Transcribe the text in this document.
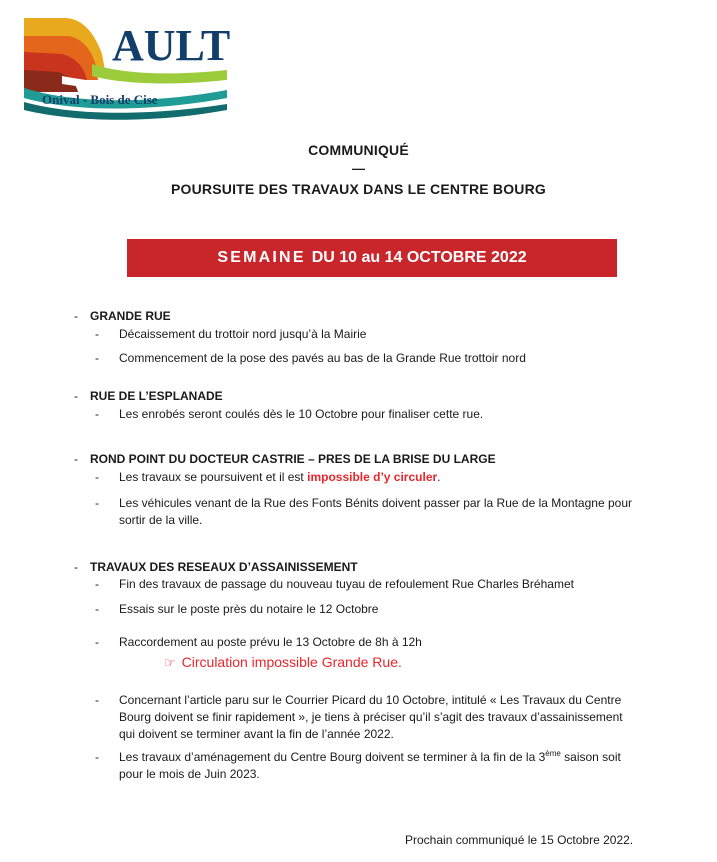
AULT
Onival - Bois de Cise
COMMUNIQUÉ
—
POURSUITE DES TRAVAUX DANS LE CENTRE BOURG
SEMAINE DU 10 au 14 OCTOBRE 2022
- GRANDE RUE
- Décaissement du trottoir nord jusqu’à la Mairie
- Commencement de la pose des pavés au bas de la Grande Rue trottoir nord
- RUE DE L’ESPLANADE
- Les enrobés seront coulés dès le 10 Octobre pour finaliser cette rue.
- ROND POINT DU DOCTEUR CASTRIE – PRES DE LA BRISE DU LARGE
- Les travaux se poursuivent et il est impossible d’y circuler.
- Les véhicules venant de la Rue des Fonts Bénits doivent passer par la Rue de la Montagne pour sortir de la ville.
- TRAVAUX DES RESEAUX D’ASSAINISSEMENT
- Fin des travaux de passage du nouveau tuyau de refoulement Rue Charles Bréhamet
- Essais sur le poste près du notaire le 12 Octobre
- Raccordement au poste prévu le 13 Octobre de 8h à 12h
☞ Circulation impossible Grande Rue.
- Concernant l’article paru sur le Courrier Picard du 10 Octobre, intitulé « Les Travaux du Centre Bourg doivent se finir rapidement », je tiens à préciser qu’il s’agit des travaux d’assainissement qui doivent se terminer avant la fin de l’année 2022.
- Les travaux d’aménagement du Centre Bourg doivent se terminer à la fin de la 3ème saison soit pour le mois de Juin 2023.
Prochain communiqué le 15 Octobre 2022.
